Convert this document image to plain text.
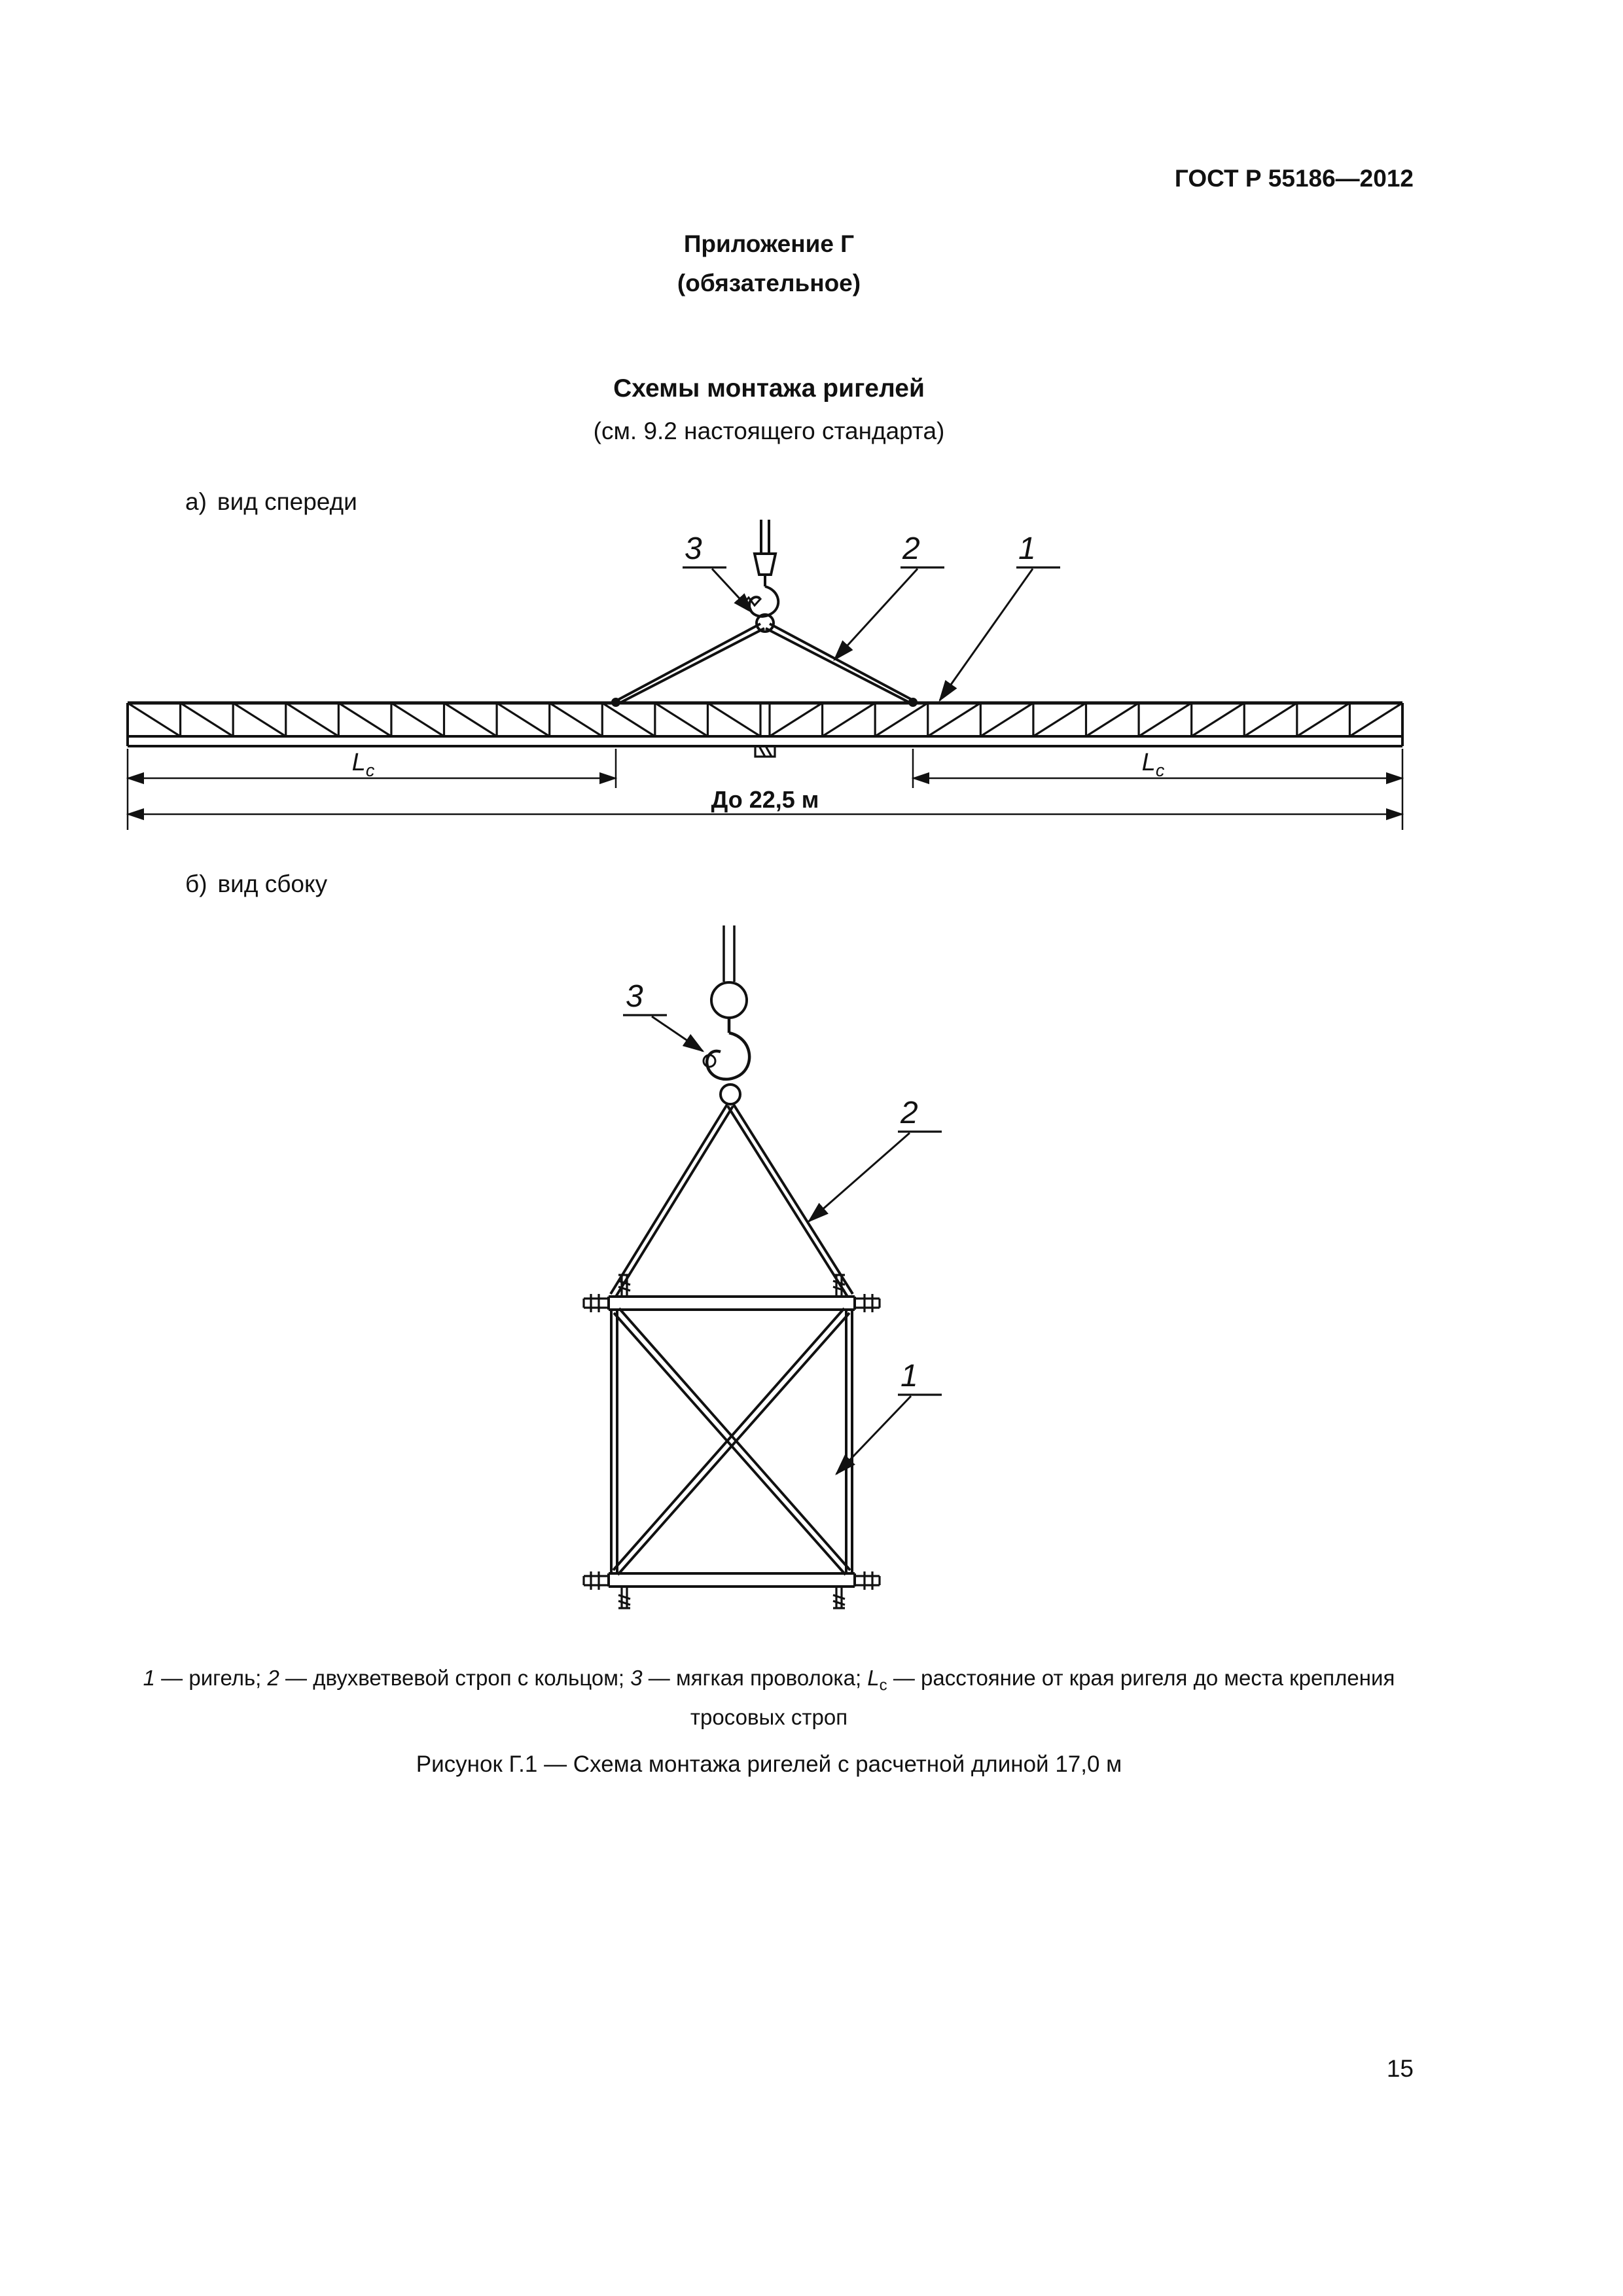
ГОСТ Р 55186—2012
Приложение Г
(обязательное)
Схемы монтажа ригелей
(см. 9.2 настоящего стандарта)
а) вид спереди
3	2	1
$L_с$	$L_с$
До 22,5 м
б) вид сбоку
3
2
1
1 — ригель; 2 — двухветвевой строп с кольцом; 3 — мягкая проволока; $L_с$ — расстояние от края ригеля до места крепления
тросовых строп
Рисунок Г.1 — Схема монтажа ригелей с расчетной длиной 17,0 м
15
